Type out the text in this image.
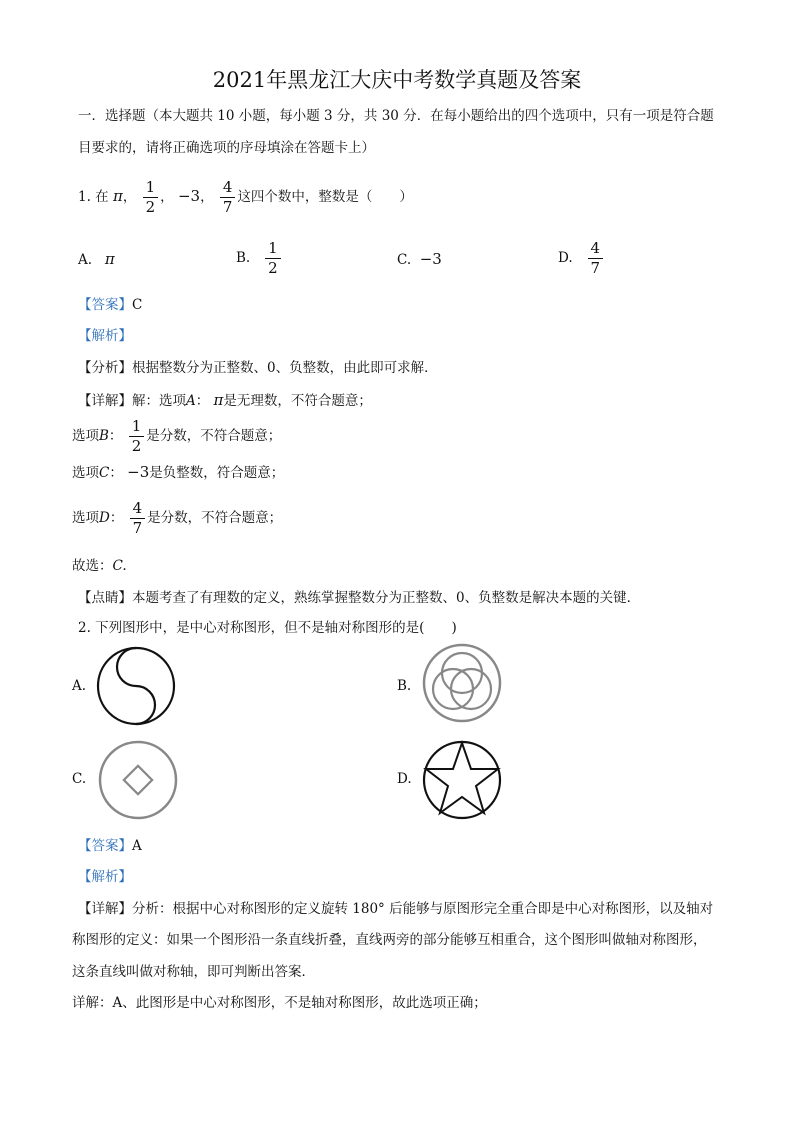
2021年黑龙江大庆中考数学真题及答案
一．选择题（本大题共 10 小题，每小题 3 分，共 30 分．在每小题给出的四个选项中，只有一项是符合题
目要求的，请将正确选项的序母填涂在答题卡上）
1. 在 π， $\frac{1}{2}$ ， −3， $\frac{4}{7}$ 这四个数中，整数是（　　）
A. π	B. $\frac{1}{2}$	C. −3	D. $\frac{4}{7}$
【答案】C
【解析】
【分析】根据整数分为正整数、0、负整数，由此即可求解．
【详解】解：选项A： π是无理数，不符合题意；
选项B： $\frac{1}{2}$ 是分数，不符合题意；
选项C： −3是负整数，符合题意；
选项D： $\frac{4}{7}$ 是分数，不符合题意；
故选：C.
【点睛】本题考查了有理数的定义，熟练掌握整数分为正整数、0、负整数是解决本题的关键．
2. 下列图形中，是中心对称图形，但不是轴对称图形的是(　　)
A.	B.
C.	D.
【答案】A
【解析】
【详解】分析：根据中心对称图形的定义旋转 180° 后能够与原图形完全重合即是中心对称图形，以及轴对
称图形的定义：如果一个图形沿一条直线折叠，直线两旁的部分能够互相重合，这个图形叫做轴对称图形，
这条直线叫做对称轴，即可判断出答案．
详解：A、此图形是中心对称图形，不是轴对称图形，故此选项正确；
